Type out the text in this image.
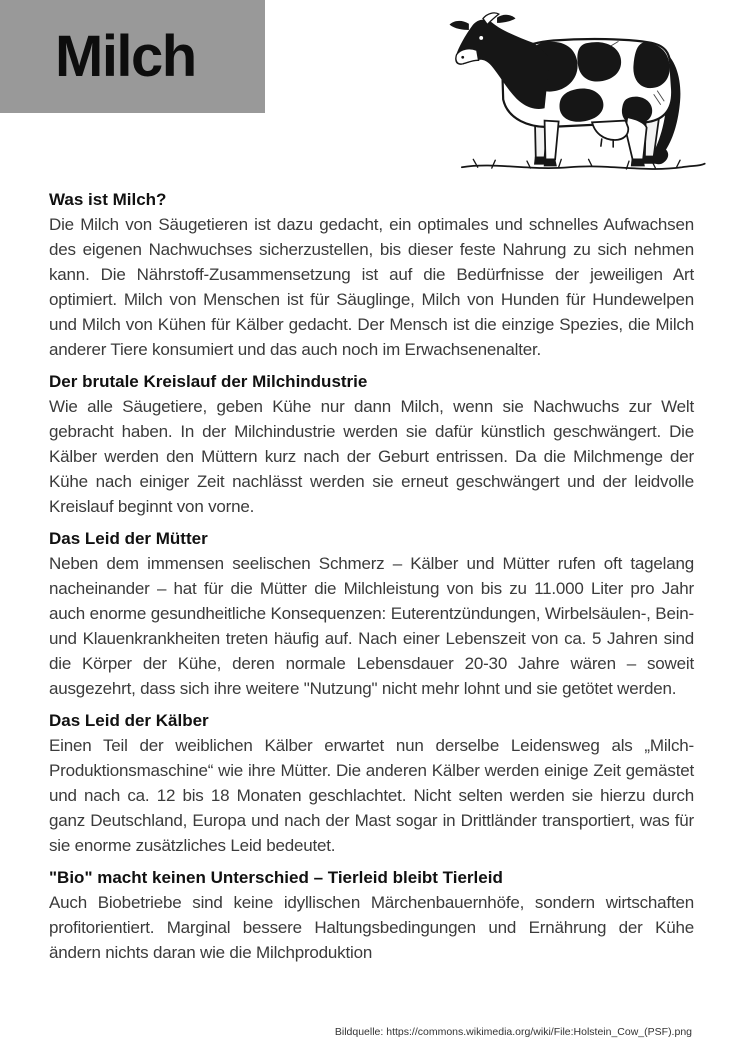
Milch
Was ist Milch?

Die Milch von Säugetieren ist dazu gedacht, ein optimales und schnelles Aufwachsen des eigenen Nachwuchses sicherzustellen, bis dieser feste Nahrung zu sich nehmen kann. Die Nährstoff-Zusammensetzung ist auf die Bedürfnisse der jeweiligen Art optimiert. Milch von Menschen ist für Säuglinge, Milch von Hunden für Hundewelpen und Milch von Kühen für Kälber gedacht. Der Mensch ist die einzige Spezies, die Milch anderer Tiere konsumiert und das auch noch im Erwachsenenalter.

Der brutale Kreislauf der Milchindustrie

Wie alle Säugetiere, geben Kühe nur dann Milch, wenn sie Nachwuchs zur Welt gebracht haben. In der Milchindustrie werden sie dafür künstlich geschwängert. Die Kälber werden den Müttern kurz nach der Geburt entrissen. Da die Milchmenge der Kühe nach einiger Zeit nachlässt werden sie erneut geschwängert und der leidvolle Kreislauf beginnt von vorne.

Das Leid der Mütter

Neben dem immensen seelischen Schmerz – Kälber und Mütter rufen oft tagelang nacheinander – hat für die Mütter die Milchleistung von bis zu 11.000 Liter pro Jahr auch enorme gesundheitliche Konsequenzen: Euterentzündungen, Wirbelsäulen-, Bein- und Klauenkrankheiten treten häufig auf. Nach einer Lebenszeit von ca. 5 Jahren sind die Körper der Kühe, deren normale Lebensdauer 20-30 Jahre wären – soweit ausgezehrt, dass sich ihre weitere "Nutzung" nicht mehr lohnt und sie getötet werden.

Das Leid der Kälber

Einen Teil der weiblichen Kälber erwartet nun derselbe Leidensweg als „Milch-Produktionsmaschine“ wie ihre Mütter. Die anderen Kälber werden einige Zeit gemästet und nach ca. 12 bis 18 Monaten geschlachtet. Nicht selten werden sie hierzu durch ganz Deutschland, Europa und nach der Mast sogar in Drittländer transportiert, was für sie enorme zusätzliches Leid bedeutet.

"Bio" macht keinen Unterschied – Tierleid bleibt Tierleid

Auch Biobetriebe sind keine idyllischen Märchenbauernhöfe, sondern wirtschaften profitorientiert. Marginal bessere Haltungsbedingungen und Ernährung der Kühe ändern nichts daran wie die Milchproduktion

Bildquelle: https://commons.wikimedia.org/wiki/File:Holstein_Cow_(PSF).png
